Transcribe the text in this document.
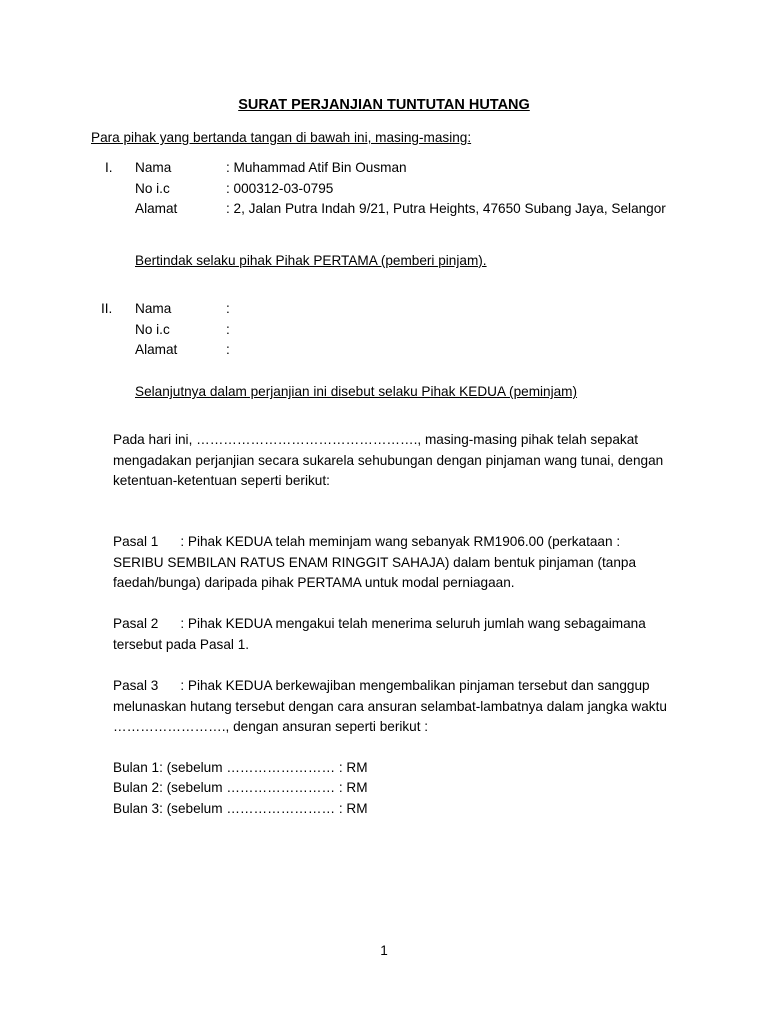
SURAT PERJANJIAN TUNTUTAN HUTANG
Para pihak yang bertanda tangan di bawah ini, masing-masing:
I. Nama	: Muhammad Atif Bin Ousman
No i.c	: 000312-03-0795
Alamat	: 2, Jalan Putra Indah 9/21, Putra Heights, 47650 Subang Jaya, Selangor
Bertindak selaku pihak Pihak PERTAMA (pemberi pinjam).
II. Nama	:
No i.c	:
Alamat	:
Selanjutnya dalam perjanjian ini disebut selaku Pihak KEDUA (peminjam)
Pada hari ini, …………………………………………., masing-masing pihak telah sepakat mengadakan perjanjian secara sukarela sehubungan dengan pinjaman wang tunai, dengan ketentuan-ketentuan seperti berikut:
Pasal 1 : Pihak KEDUA telah meminjam wang sebanyak RM1906.00 (perkataan : SERIBU SEMBILAN RATUS ENAM RINGGIT SAHAJA) dalam bentuk pinjaman (tanpa faedah/bunga) daripada pihak PERTAMA untuk modal perniagaan.
Pasal 2 : Pihak KEDUA mengakui telah menerima seluruh jumlah wang sebagaimana tersebut pada Pasal 1.
Pasal 3 : Pihak KEDUA berkewajiban mengembalikan pinjaman tersebut dan sanggup melunaskan hutang tersebut dengan cara ansuran selambat-lambatnya dalam jangka waktu ……………………., dengan ansuran seperti berikut :
Bulan 1: (sebelum …………………… : RM
Bulan 2: (sebelum …………………… : RM
Bulan 3: (sebelum …………………… : RM
1
